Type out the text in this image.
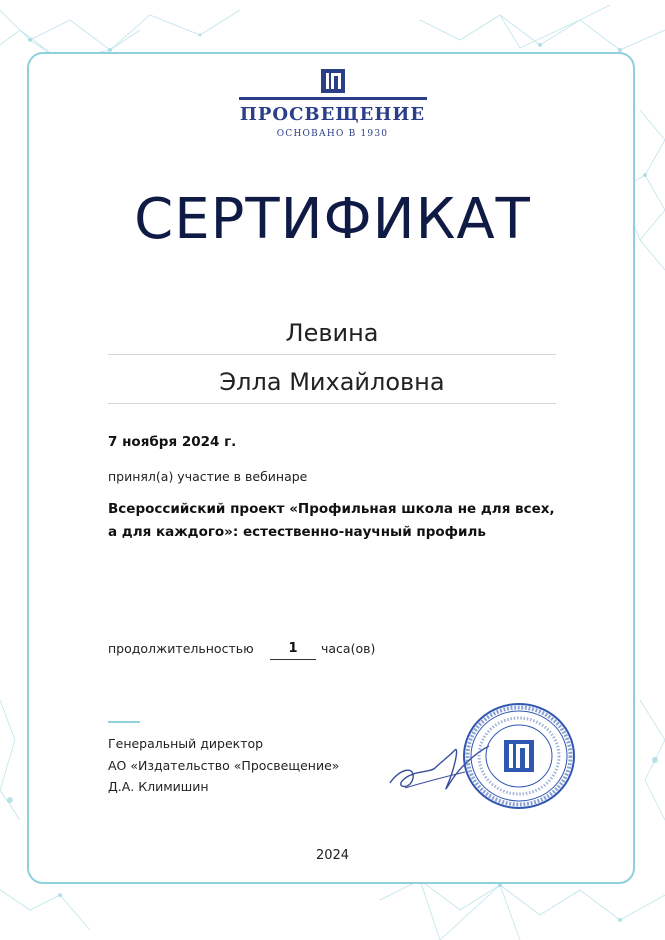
ПРОСВЕЩЕНИЕ
ОСНОВАНО В 1930
СЕРТИФИКАТ
Левина
Элла Михайловна
7 ноября 2024 г.
принял(а) участие в вебинаре
Всероссийский проект «Профильная школа не для всех, а для каждого»: естественно-научный профиль
продолжительностью	1	часа(ов)
Генеральный директор
АО «Издательство «Просвещение»
Д.А. Климишин
2024
